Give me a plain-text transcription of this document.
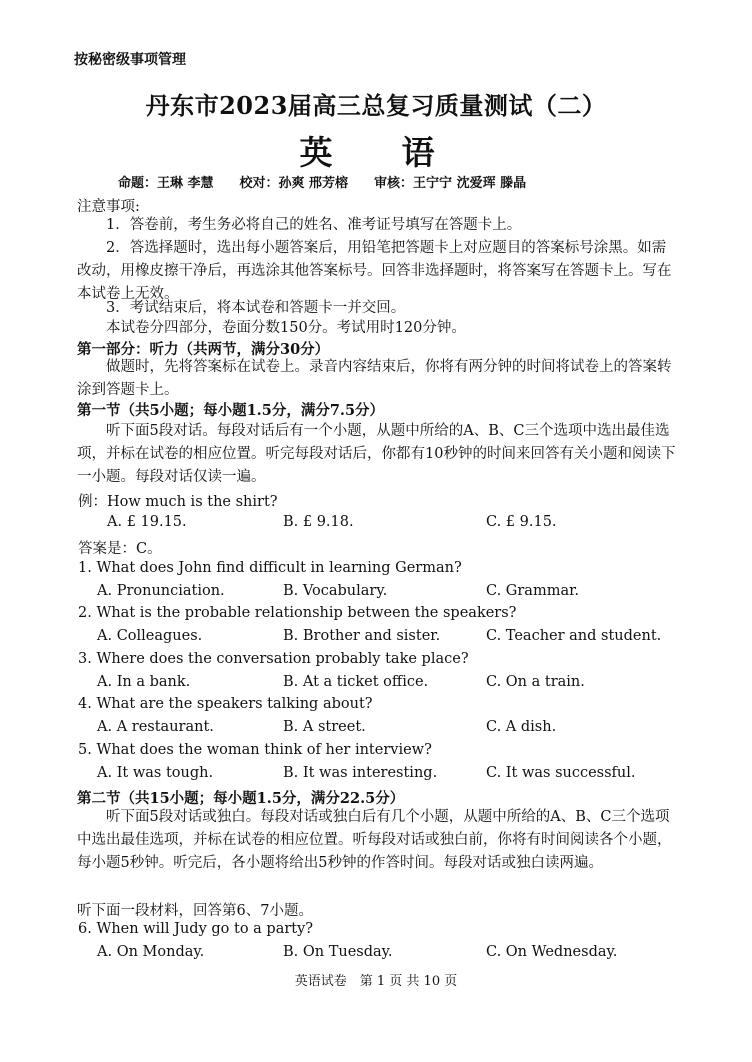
按秘密级事项管理
丹东市2023届高三总复习质量测试（二）
英　语
命题：王琳 李慧　　校对：孙爽 邢芳榕　　审核：王宁宁 沈爱珲 滕晶
注意事项:
1．答卷前，考生务必将自己的姓名、准考证号填写在答题卡上。
2．答选择题时，选出每小题答案后，用铅笔把答题卡上对应题目的答案标号涂黑。如需改动，用橡皮擦干净后，再选涂其他答案标号。回答非选择题时，将答案写在答题卡上。写在本试卷上无效。
3．考试结束后，将本试卷和答题卡一并交回。
本试卷分四部分，卷面分数150分。考试用时120分钟。
第一部分：听力（共两节，满分30分）
做题时，先将答案标在试卷上。录音内容结束后，你将有两分钟的时间将试卷上的答案转涂到答题卡上。
第一节（共5小题；每小题1.5分，满分7.5分）
听下面5段对话。每段对话后有一个小题，从题中所给的A、B、C三个选项中选出最佳选项，并标在试卷的相应位置。听完每段对话后，你都有10秒钟的时间来回答有关小题和阅读下一小题。每段对话仅读一遍。
例：How much is the shirt?
A. £ 19.15.	B. £ 9.18.	C. £ 9.15.
答案是：C。
1. What does John find difficult in learning German?
A. Pronunciation.	B. Vocabulary.	C. Grammar.
2. What is the probable relationship between the speakers?
A. Colleagues.	B. Brother and sister.	C. Teacher and student.
3. Where does the conversation probably take place?
A. In a bank.	B. At a ticket office.	C. On a train.
4. What are the speakers talking about?
A. A restaurant.	B. A street.	C. A dish.
5. What does the woman think of her interview?
A. It was tough.	B. It was interesting.	C. It was successful.
第二节（共15小题；每小题1.5分，满分22.5分）
听下面5段对话或独白。每段对话或独白后有几个小题，从题中所给的A、B、C三个选项中选出最佳选项，并标在试卷的相应位置。听每段对话或独白前，你将有时间阅读各个小题，每小题5秒钟。听完后，各小题将给出5秒钟的作答时间。每段对话或独白读两遍。
听下面一段材料，回答第6、7小题。
6. When will Judy go to a party?
A. On Monday.	B. On Tuesday.	C. On Wednesday.
英语试卷　第 1 页 共 10 页
